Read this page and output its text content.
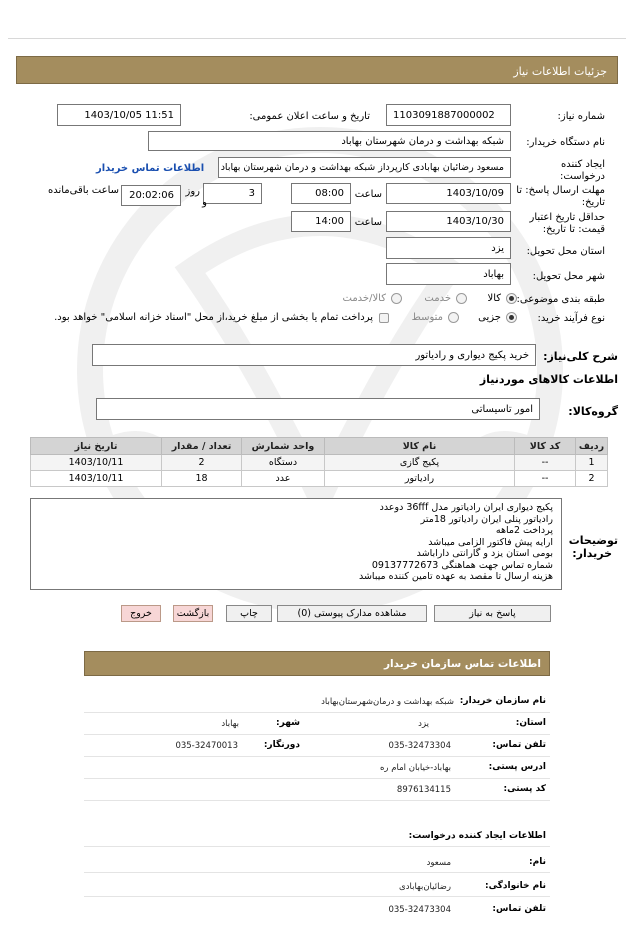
جزئیات اطلاعات نیاز
شماره نیاز:
1103091887000002
تاریخ و ساعت اعلان عمومی:
1403/10/05 11:51
نام دستگاه خریدار:
شبکه بهداشت و درمان شهرستان بهاباد
ایجاد کننده
درخواست:
مسعود رضائیان بهابادی کارپرداز شبکه بهداشت و درمان شهرستان بهاباد
اطلاعات تماس خریدار
مهلت ارسال پاسخ: تا
تاریخ:
1403/10/09
ساعت
08:00
3
روز
و
20:02:06
ساعت باقی‌مانده
حداقل تاریخ اعتبار
قیمت: تا تاریخ:
1403/10/30
ساعت
14:00
استان محل تحویل:
یزد
شهر محل تحویل:
بهاباد
طبقه بندی موضوعی:
کالا
خدمت
کالا/خدمت
نوع فرآیند خرید:
جزیی
متوسط
پرداخت تمام یا بخشی از مبلغ خرید،از محل "اسناد خزانه اسلامی" خواهد بود.
شرح کلی‌نیاز:
خرید پکیج دیواری و رادیاتور
اطلاعات کالاهای موردنیاز
گروه‌کالا:
امور تاسیساتی
ردیف	کد کالا	نام کالا	واحد شمارش	تعداد / مقدار	تاریخ نیاز
1	--	پکیج گازی	دستگاه	2	1403/10/11
2	--	رادیاتور	عدد	18	1403/10/11
توضیحات
خریدار:
پکیج دیواری ایران رادیاتور مدل 36fff دوعدد
رادیاتور پنلی ایران رادیاتور 18متر
پرداخت 2ماهه
ارایه پیش فاکتور الزامی میباشد
بومی استان یزد و گارانتی داراباشد
شماره تماس جهت هماهنگی 09137772673
هزینه ارسال تا مقصد به عهده تامین کننده میباشد
پاسخ به نیاز
مشاهده مدارک پیوستی (0)
چاپ
بازگشت
خروج
اطلاعات تماس سازمان خریدار
نام سازمان خریدار:
شبکه بهداشت و درمان‌شهرستان‌بهاباد
استان:
یزد
شهر:
بهاباد
تلفن تماس:
035-32473304
دورنگار:
035-32470013
ادرس پستی:
بهاباد-خیابان امام ره
کد پستی:
8976134115
اطلاعات ایجاد کننده درخواست:
نام:
مسعود
نام خانوادگی:
رضائیان‌بهابادی
تلفن تماس:
035-32473304
